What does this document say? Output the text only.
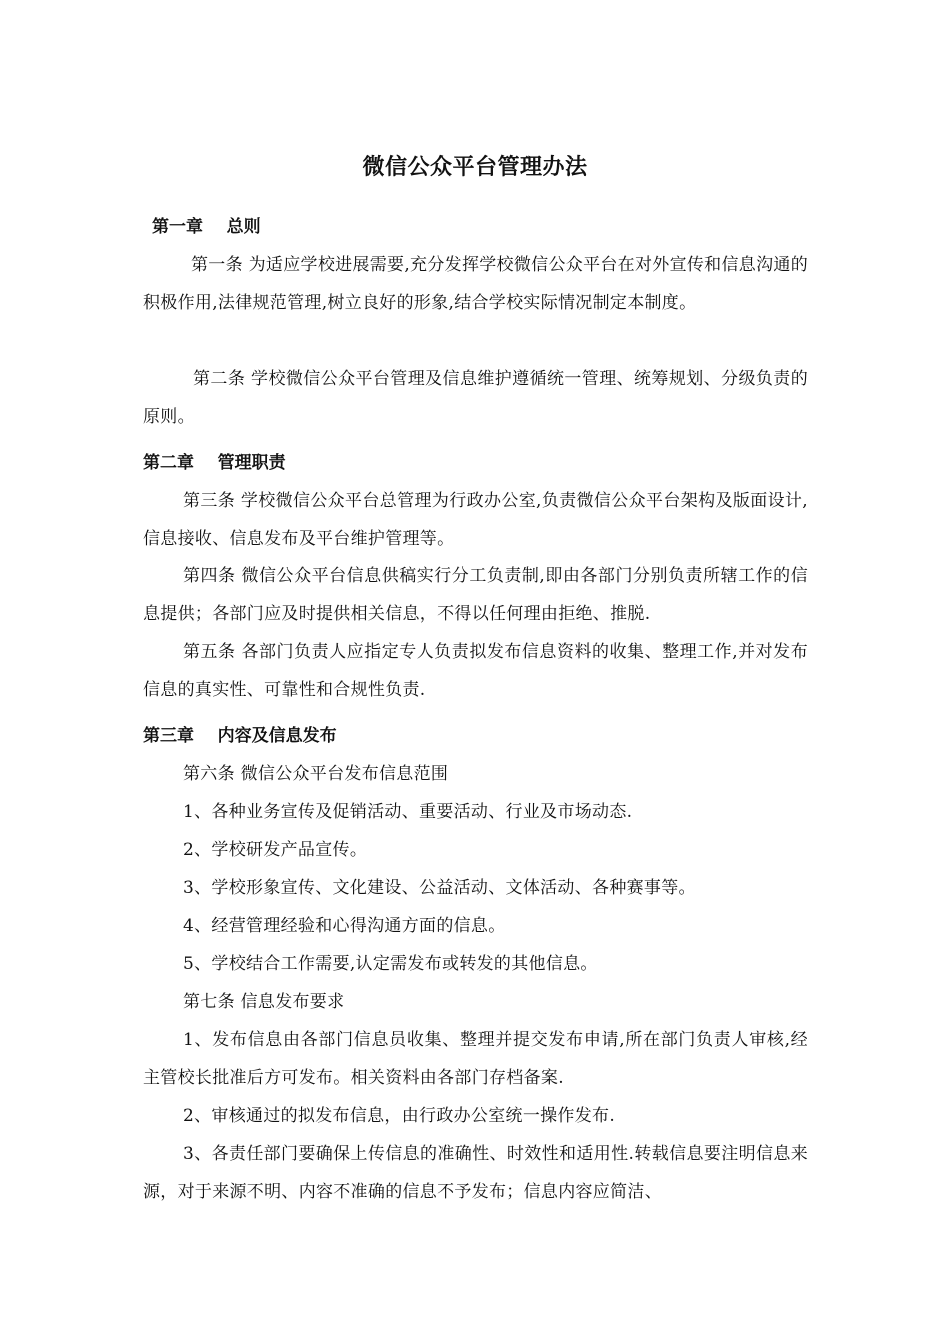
微信公众平台管理办法
第一章    总则
第一条 为适应学校进展需要,充分发挥学校微信公众平台在对外宣传和信息沟通的积极作用,法律规范管理,树立良好的形象,结合学校实际情况制定本制度。
第二条 学校微信公众平台管理及信息维护遵循统一管理、统筹规划、分级负责的原则。
第二章    管理职责
第三条 学校微信公众平台总管理为行政办公室,负责微信公众平台架构及版面设计,信息接收、信息发布及平台维护管理等。
第四条 微信公众平台信息供稿实行分工负责制,即由各部门分别负责所辖工作的信息提供；各部门应及时提供相关信息，不得以任何理由拒绝、推脱.
第五条 各部门负责人应指定专人负责拟发布信息资料的收集、整理工作,并对发布信息的真实性、可靠性和合规性负责.
第三章    内容及信息发布
第六条 微信公众平台发布信息范围
1、各种业务宣传及促销活动、重要活动、行业及市场动态.
2、学校研发产品宣传。
3、学校形象宣传、文化建设、公益活动、文体活动、各种赛事等。
4、经营管理经验和心得沟通方面的信息。
5、学校结合工作需要,认定需发布或转发的其他信息。
第七条 信息发布要求
1、发布信息由各部门信息员收集、整理并提交发布申请,所在部门负责人审核,经主管校长批准后方可发布。相关资料由各部门存档备案.
2、审核通过的拟发布信息，由行政办公室统一操作发布.
3、各责任部门要确保上传信息的准确性、时效性和适用性.转载信息要注明信息来源，对于来源不明、内容不准确的信息不予发布；信息内容应简洁、
